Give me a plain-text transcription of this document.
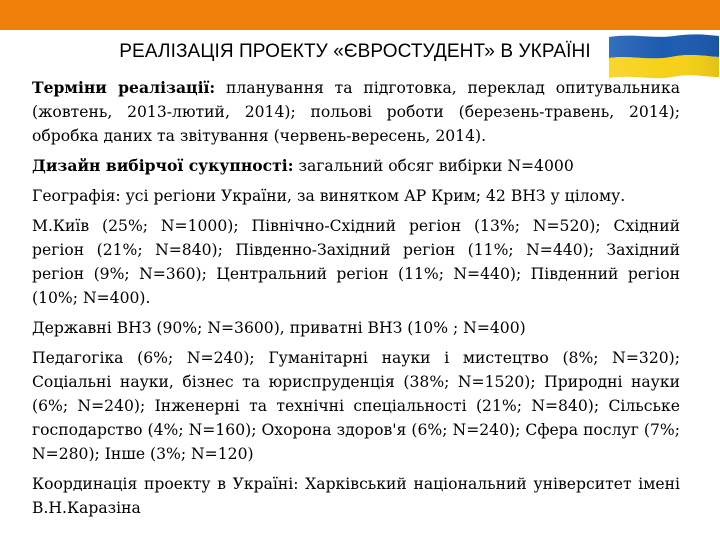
РЕАЛІЗАЦІЯ ПРОЕКТУ «ЄВРОСТУДЕНТ» В УКРАЇНІ

Терміни реалізації: планування та підготовка, переклад опитувальника (жовтень, 2013-лютий, 2014); польові роботи (березень-травень, 2014); обробка даних та звітування (червень-вересень, 2014).

Дизайн вибірчої сукупності: загальний обсяг вибірки N=4000

Географія: усі регіони України, за винятком АР Крим; 42 ВНЗ у цілому.

М.Київ (25%; N=1000); Північно-Східний регіон (13%; N=520); Східний регіон (21%; N=840); Південно-Західний регіон (11%; N=440); Західний регіон (9%; N=360); Центральний регіон (11%; N=440); Південний регіон (10%; N=400).

Державні ВНЗ (90%; N=3600), приватні ВНЗ (10% ; N=400)

Педагогіка (6%; N=240); Гуманітарні науки і мистецтво (8%; N=320); Соціальні науки, бізнес та юриспруденція (38%; N=1520); Природні науки (6%; N=240); Інженерні та технічні спеціальності (21%; N=840); Сільське господарство (4%; N=160); Охорона здоров'я (6%; N=240); Сфера послуг (7%; N=280); Інше (3%; N=120)

Координація проекту в Україні: Харківський національний університет імені В.Н.Каразіна
